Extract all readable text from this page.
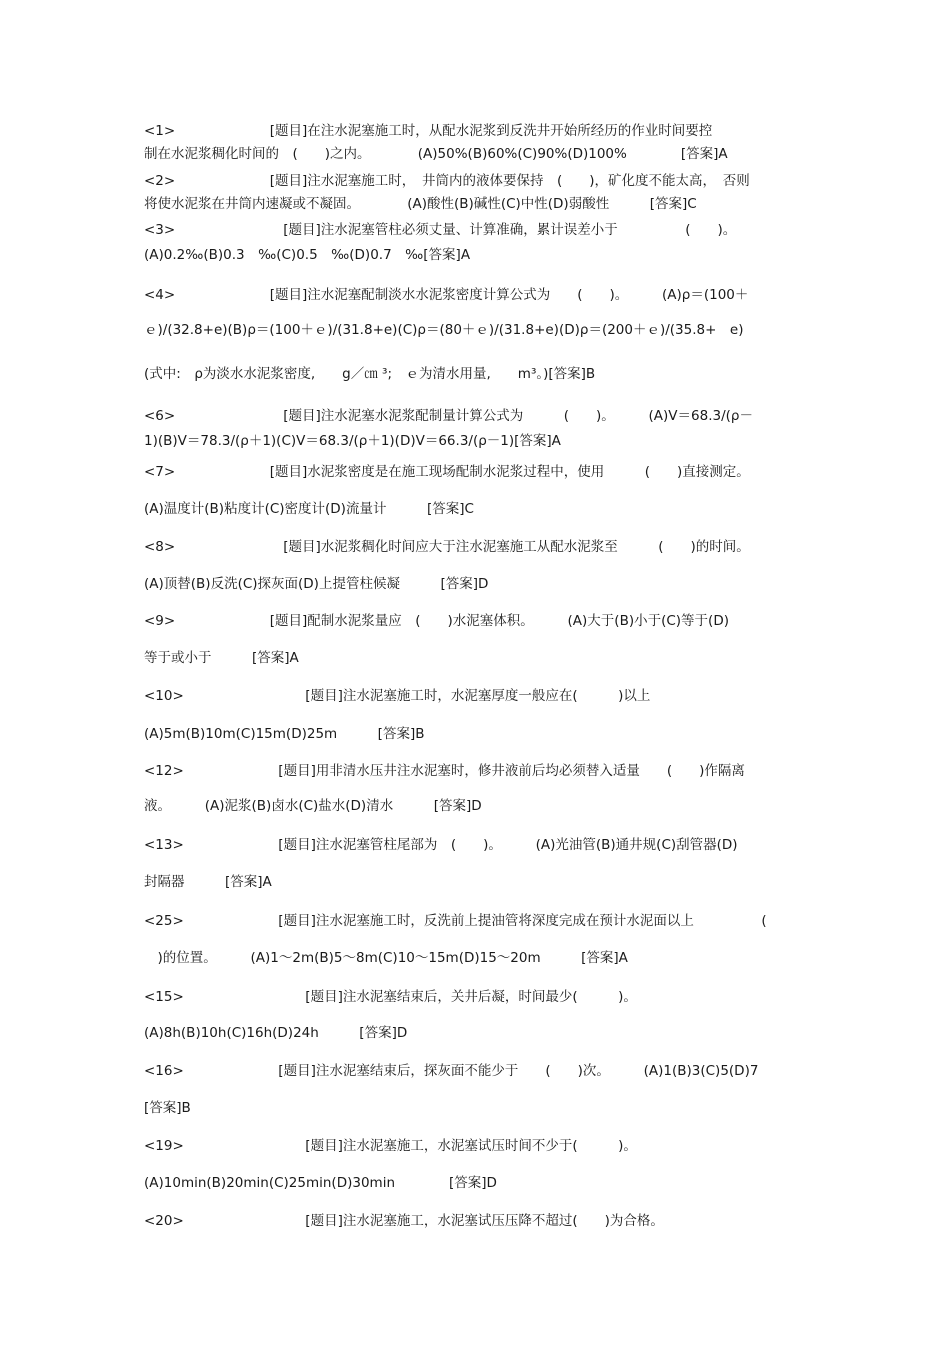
<1>　　　　　　　[题目]在注水泥塞施工时，从配水泥浆到反洗井开始所经历的作业时间要控
制在水泥浆稠化时间的　(　　)之内。　　　　(A)50%(B)60%(C)90%(D)100%　　　　[答案]A
<2>　　　　　　　[题目]注水泥塞施工时，　井筒内的液体要保持　(　　)，矿化度不能太高，　否则
将使水泥浆在井筒内速凝或不凝固。　　　　(A)酸性(B)碱性(C)中性(D)弱酸性　　　[答案]C
<3>　　　　　　　　[题目]注水泥塞管柱必须丈量、计算准确，累计误差小于　　　　　(　　)。
(A)0.2‰(B)0.3　‰(C)0.5　‰(D)0.7　‰[答案]A
<4>　　　　　　　[题目]注水泥塞配制淡水水泥浆密度计算公式为　　(　　)。　　　(A)ρ＝(100＋
ｅ)/(32.8+e)(B)ρ＝(100＋ｅ)/(31.8+e)(C)ρ＝(80＋ｅ)/(31.8+e)(D)ρ＝(200＋ｅ)/(35.8+　e)
(式中:　ρ为淡水水泥浆密度,　　g／㎝ ³;　ｅ为清水用量,　　m³。)[答案]B
<6>　　　　　　　　[题目]注水泥塞水泥浆配制量计算公式为　　　(　　)。　　　(A)V＝68.3/(ρ－
1)(B)V＝78.3/(ρ＋1)(C)V＝68.3/(ρ＋1)(D)V＝66.3/(ρ－1)[答案]A
<7>　　　　　　　[题目]水泥浆密度是在施工现场配制水泥浆过程中，使用　　　(　　)直接测定。
(A)温度计(B)粘度计(C)密度计(D)流量计　　　[答案]C
<8>　　　　　　　　[题目]水泥浆稠化时间应大于注水泥塞施工从配水泥浆至　　　(　　)的时间。
(A)顶替(B)反洗(C)探灰面(D)上提管柱候凝　　　[答案]D
<9>　　　　　　　[题目]配制水泥浆量应　(　　)水泥塞体积。　　　(A)大于(B)小于(C)等于(D)
等于或小于　　　[答案]A
<10>　　　　　　　　　[题目]注水泥塞施工时，水泥塞厚度一般应在(　　　)以上
(A)5m(B)10m(C)15m(D)25m　　　[答案]B
<12>　　　　　　　[题目]用非清水压井注水泥塞时，修井液前后均必须替入适量　　(　　)作隔离
液。　　　(A)泥浆(B)卤水(C)盐水(D)清水　　　[答案]D
<13>　　　　　　　[题目]注水泥塞管柱尾部为　(　　)。　　　(A)光油管(B)通井规(C)刮管器(D)
封隔器　　　[答案]A
<25>　　　　　　　[题目]注水泥塞施工时，反洗前上提油管将深度完成在预计水泥面以上　　　　　(
　)的位置。　　　(A)1～2m(B)5～8m(C)10～15m(D)15～20m　　　[答案]A
<15>　　　　　　　　　[题目]注水泥塞结束后，关井后凝，时间最少(　　　)。
(A)8h(B)10h(C)16h(D)24h　　　[答案]D
<16>　　　　　　　[题目]注水泥塞结束后，探灰面不能少于　　(　　)次。　　　(A)1(B)3(C)5(D)7
[答案]B
<19>　　　　　　　　　[题目]注水泥塞施工，水泥塞试压时间不少于(　　　)。
(A)10min(B)20min(C)25min(D)30min　　　　[答案]D
<20>　　　　　　　　　[题目]注水泥塞施工，水泥塞试压压降不超过(　　)为合格。
